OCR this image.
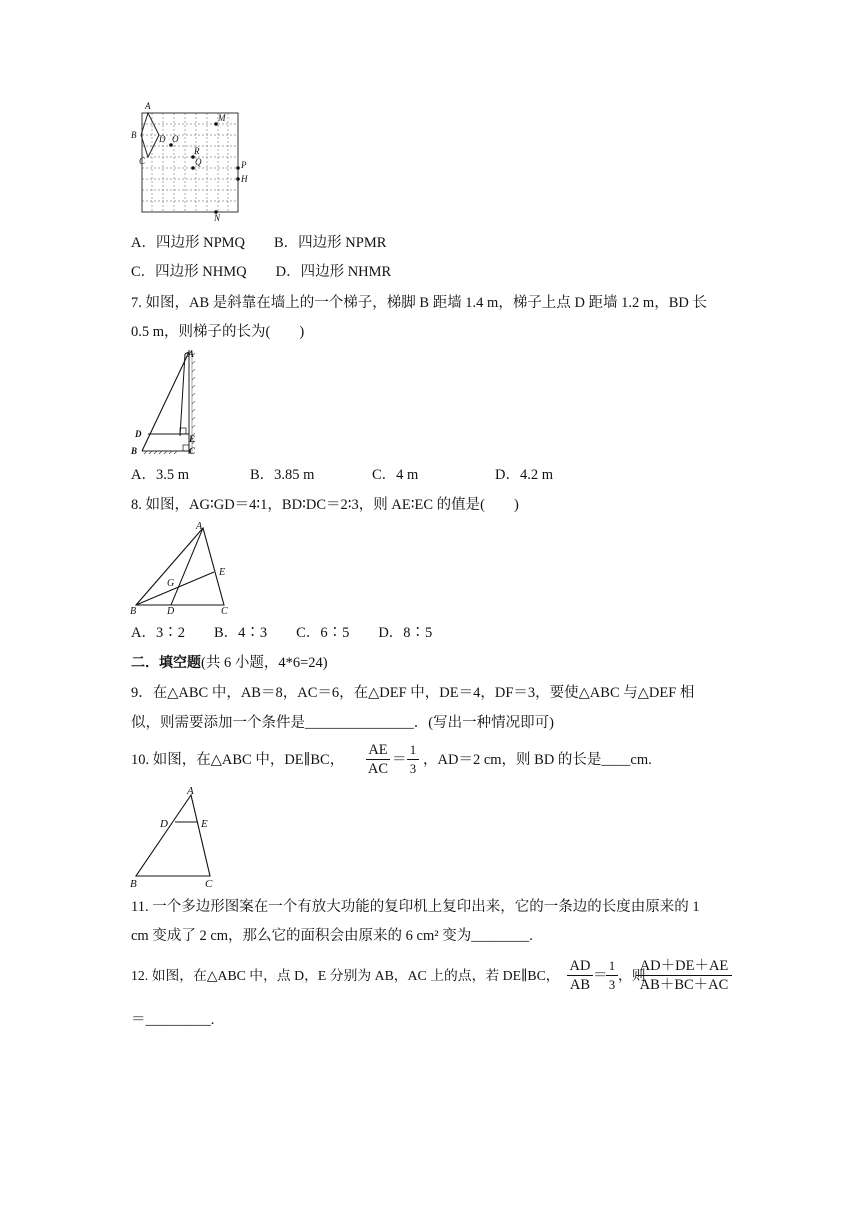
A
B
C
D O
M
R
Q	P
H
N
A．四边形 NPMQ　　B．四边形 NPMR
C．四边形 NHMQ　　D．四边形 NHMR
7. 如图，AB 是斜靠在墙上的一个梯子，梯脚 B 距墙 1.4 m，梯子上点 D 距墙 1.2 m，BD 长
0.5 m，则梯子的长为(　　)
A
D	E
B	C
A．3.5 m	B．3.85 m	C．4 m	D．4.2 m
8. 如图，AG∶GD＝4∶1，BD∶DC＝2∶3，则 AE∶EC 的值是(　　)
A
E
G
B	D	C
A．3∶2　　B．4∶3　　C．6∶5　　D．8∶5
二．填空题(共 6 小题，4*6=24)
9．在△ABC 中，AB＝8，AC＝6，在△DEF 中，DE＝4，DF＝3，要使△ABC 与△DEF 相
似，则需要添加一个条件是_______________．(写出一种情况即可)
10. 如图，在△ABC 中，DE∥BC， $\frac{AE}{AC} = \frac{1}{3}$ ，AD＝2 cm，则 BD 的长是____cm.
A
D	E
B	C
11. 一个多边形图案在一个有放大功能的复印机上复印出来，它的一条边的长度由原来的 1
cm 变成了 2 cm，那么它的面积会由原来的 6 cm² 变为________.
12. 如图，在△ABC 中，点 D，E 分别为 AB，AC 上的点，若 DE∥BC， $\frac{AD}{AB}$ ＝
$\frac{1}{3}$ ，则
$\frac{AD+DE+AE}{AB+BC+AC}$
＝_________.
